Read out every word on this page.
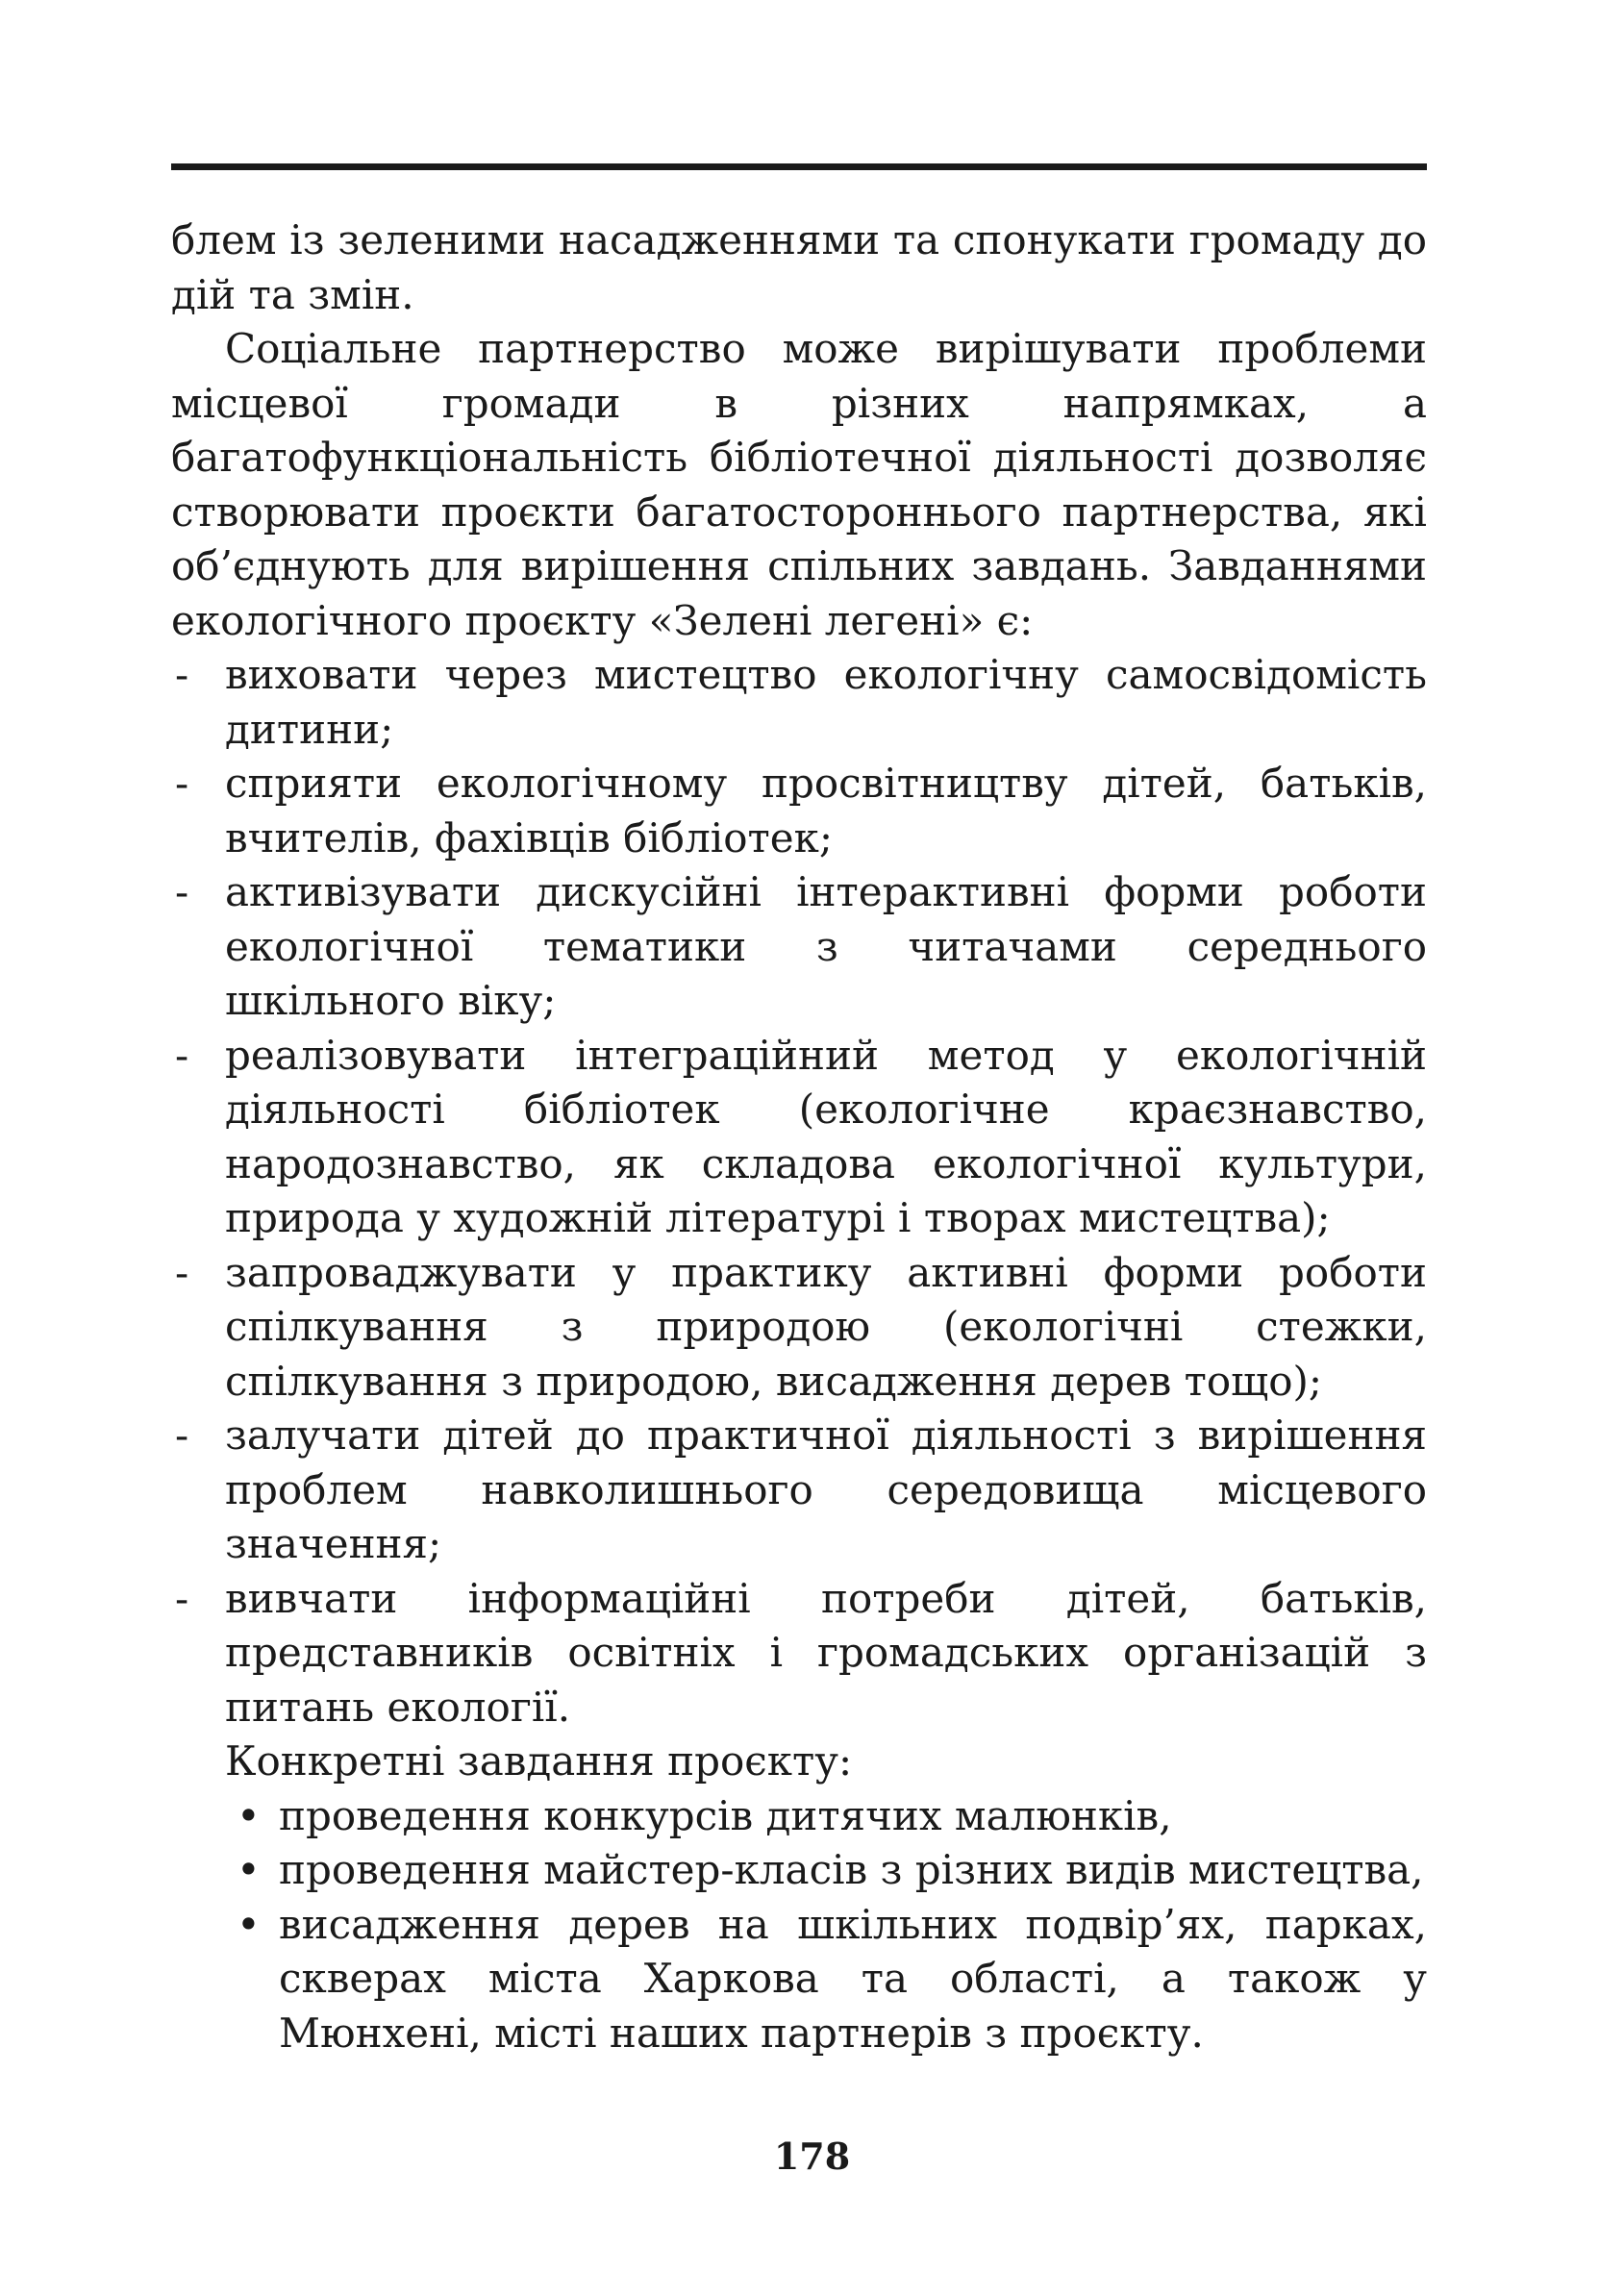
блем із зеленими насадженнями та спонукати громаду до дій та змін.

Соціальне партнерство може вирішувати проблеми місцевої громади в різних напрямках, а багатофункціональність бібліотечної діяльності дозволяє створювати проєкти багатостороннього партнерства, які об’єднують для вирішення спільних завдань. Завданнями екологічного проєкту «Зелені легені» є:

- виховати через мистецтво екологічну самосвідомість дитини;
- сприяти екологічному просвітництву дітей, батьків, вчителів, фахівців бібліотек;
- активізувати дискусійні інтерактивні форми роботи екологічної тематики з читачами середнього шкільного віку;
- реалізовувати інтеграційний метод у екологічній діяльності бібліотек (екологічне краєзнавство, народознавство, як складова екологічної культури, природа у художній літературі і творах мистецтва);
- запроваджувати у практику активні форми роботи спілкування з природою (екологічні стежки, спілкування з природою, висадження дерев тощо);
- залучати дітей до практичної діяльності з вирішення проблем навколишнього середовища місцевого значення;
- вивчати інформаційні потреби дітей, батьків, представників освітніх і громадських організацій з питань екології.

Конкретні завдання проєкту:

• проведення конкурсів дитячих малюнків,
• проведення майстер-класів з різних видів мистецтва,
• висадження дерев на шкільних подвір’ях, парках, скверах міста Харкова та області, а також у Мюнхені, місті наших партнерів з проєкту.
178
